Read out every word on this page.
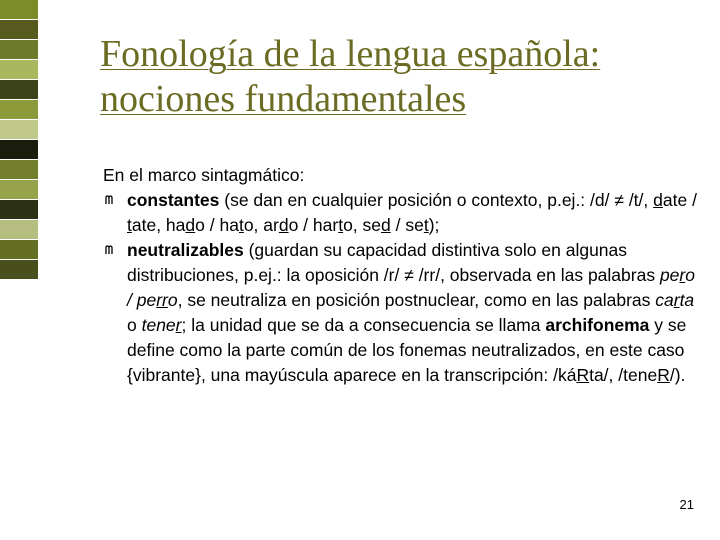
Fonología de la lengua española:
nociones fundamentales

En el marco sintagmático:

constantes (se dan en cualquier posición o contexto, p.ej.: /d/ ≠ /t/, date / tate, hado / hato, ardo / harto, sed / set);
neutralizables (guardan su capacidad distintiva solo en algunas distribuciones, p.ej.: la oposición /r/ ≠ /rr/, observada en las palabras pero / perro, se neutraliza en posición postnuclear, como en las palabras carta o tener; la unidad que se da a consecuencia se llama archifonema y se define como la parte común de los fonemas neutralizados, en este caso {vibrante}, una mayúscula aparece en la transcripción: /káRta/, /teneR/).
21
